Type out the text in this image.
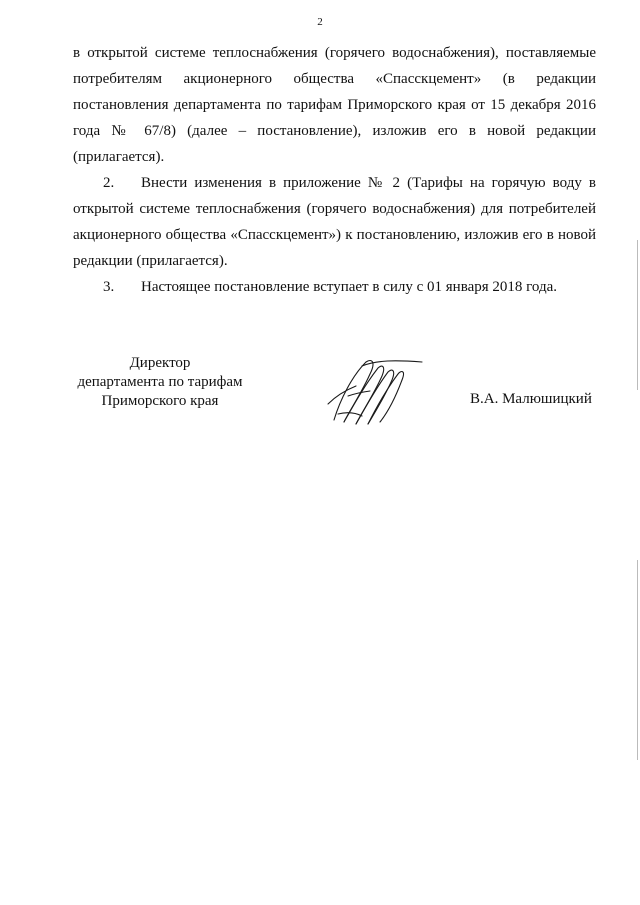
2

в открытой системе теплоснабжения (горячего водоснабжения), поставляемые потребителям акционерного общества «Спасскцемент» (в редакции постановления департамента по тарифам Приморского края от 15 декабря 2016 года № 67/8) (далее – постановление), изложив его в новой редакции (прилагается).

2. Внести изменения в приложение № 2 (Тарифы на горячую воду в открытой системе теплоснабжения (горячего водоснабжения) для потребителей акционерного общества «Спасскцемент») к постановлению, изложив его в новой редакции (прилагается).

3. Настоящее постановление вступает в силу с 01 января 2018 года.

Директор
департамента по тарифам
Приморского края	В.А. Малюшицкий
